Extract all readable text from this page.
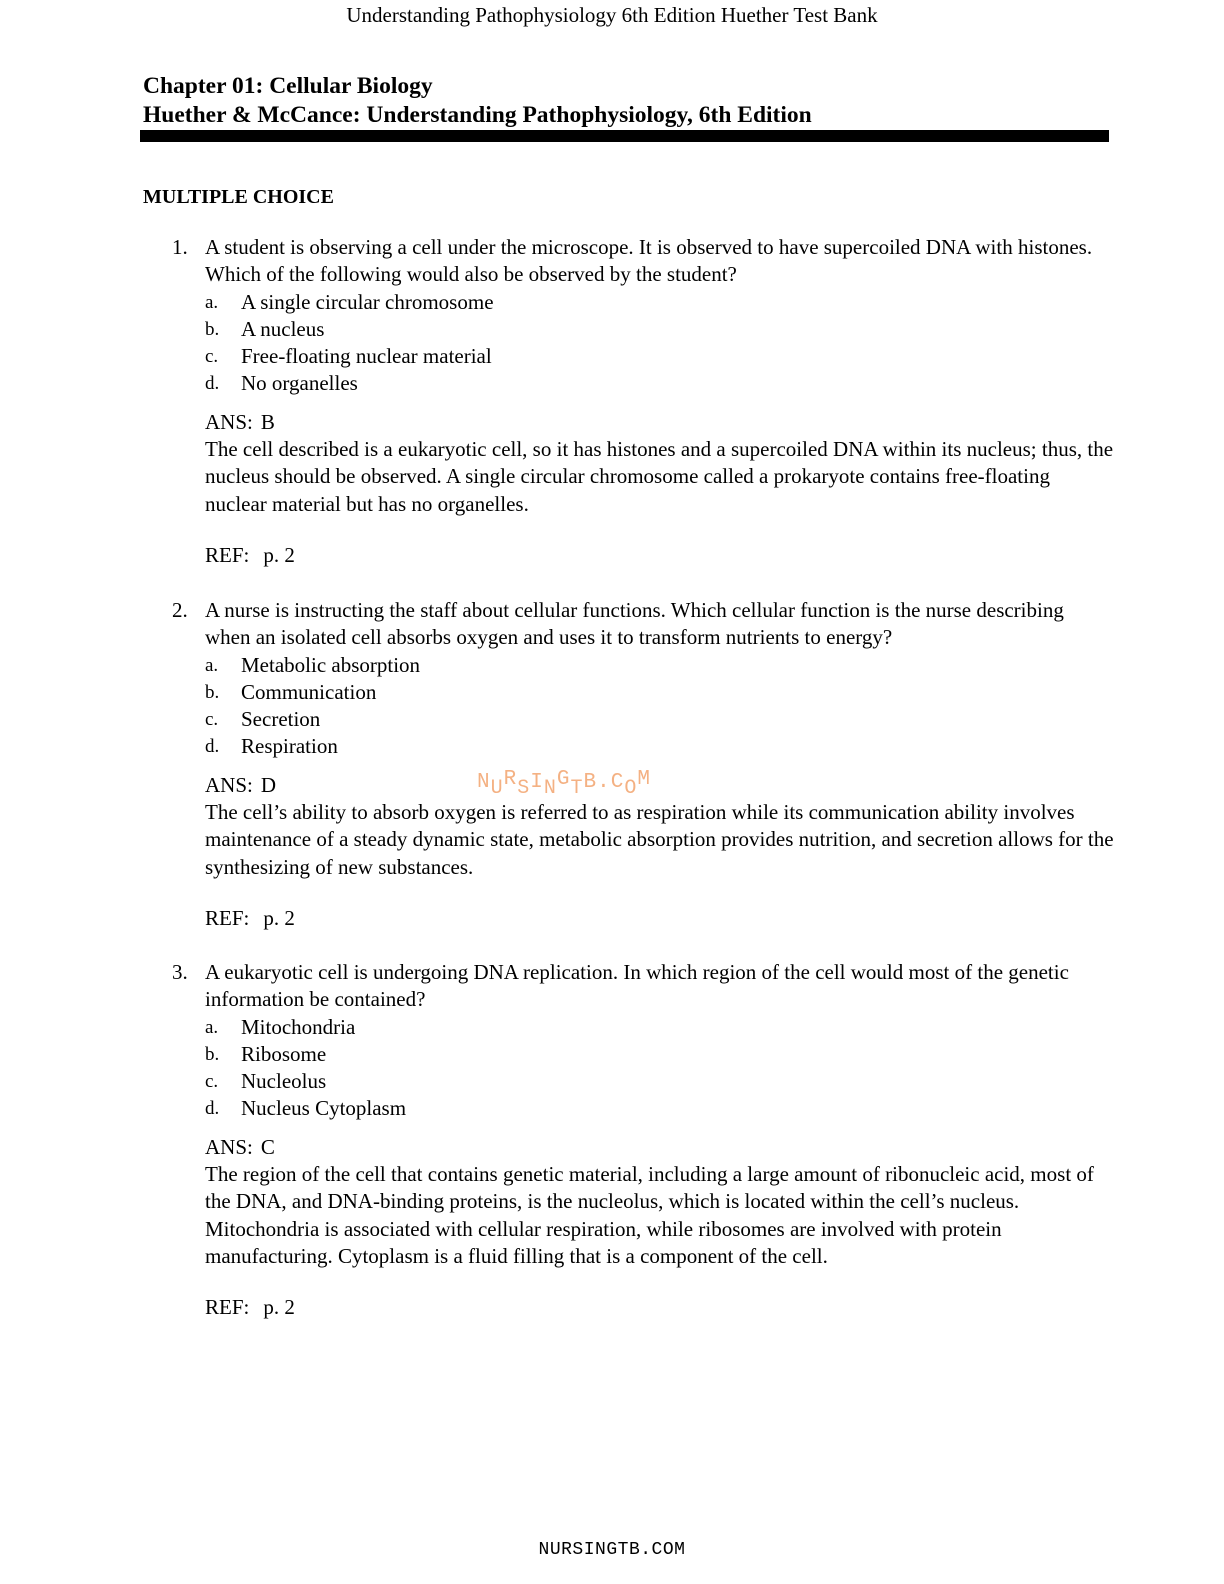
Understanding Pathophysiology 6th Edition Huether Test Bank
Chapter 01: Cellular Biology
Huether & McCance: Understanding Pathophysiology, 6th Edition
MULTIPLE CHOICE
1. A student is observing a cell under the microscope. It is observed to have supercoiled DNA with histones. Which of the following would also be observed by the student?
a. A single circular chromosome
b. A nucleus
c. Free-floating nuclear material
d. No organelles
ANS: B
The cell described is a eukaryotic cell, so it has histones and a supercoiled DNA within its nucleus; thus, the nucleus should be observed. A single circular chromosome called a prokaryote contains free-floating nuclear material but has no organelles.
REF: p. 2
2. A nurse is instructing the staff about cellular functions. Which cellular function is the nurse describing when an isolated cell absorbs oxygen and uses it to transform nutrients to energy?
a. Metabolic absorption
b. Communication
c. Secretion
d. Respiration
ANS: D
The cell’s ability to absorb oxygen is referred to as respiration while its communication ability involves maintenance of a steady dynamic state, metabolic absorption provides nutrition, and secretion allows for the synthesizing of new substances.
REF: p. 2
NURSINGTB.COM
3. A eukaryotic cell is undergoing DNA replication. In which region of the cell would most of the genetic information be contained?
a. Mitochondria
b. Ribosome
c. Nucleolus
d. Nucleus Cytoplasm
ANS: C
The region of the cell that contains genetic material, including a large amount of ribonucleic acid, most of the DNA, and DNA-binding proteins, is the nucleolus, which is located within the cell’s nucleus. Mitochondria is associated with cellular respiration, while ribosomes are involved with protein manufacturing. Cytoplasm is a fluid filling that is a component of the cell.
REF: p. 2
NURSINGTB.COM
